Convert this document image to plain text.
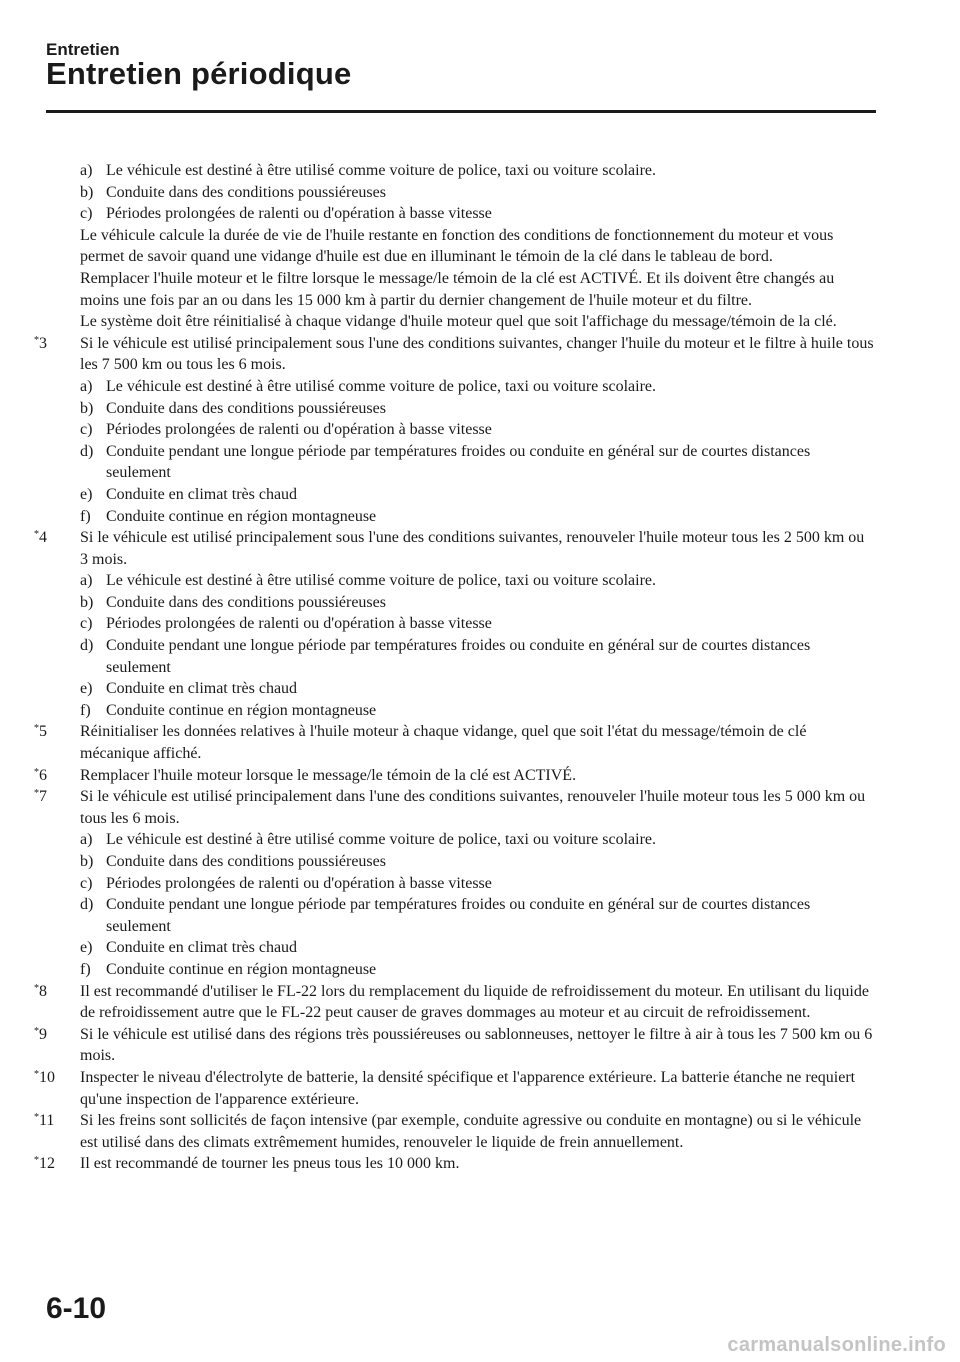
Entretien
Entretien périodique
a) Le véhicule est destiné à être utilisé comme voiture de police, taxi ou voiture scolaire.
b) Conduite dans des conditions poussiéreuses
c) Périodes prolongées de ralenti ou d'opération à basse vitesse
Le véhicule calcule la durée de vie de l'huile restante en fonction des conditions de fonctionnement du moteur et vous permet de savoir quand une vidange d'huile est due en illuminant le témoin de la clé dans le tableau de bord.
Remplacer l'huile moteur et le filtre lorsque le message/le témoin de la clé est ACTIVÉ. Et ils doivent être changés au moins une fois par an ou dans les 15 000 km à partir du dernier changement de l'huile moteur et du filtre.
Le système doit être réinitialisé à chaque vidange d'huile moteur quel que soit l'affichage du message/témoin de la clé.
*3 Si le véhicule est utilisé principalement sous l'une des conditions suivantes, changer l'huile du moteur et le filtre à huile tous les 7 500 km ou tous les 6 mois.
a) Le véhicule est destiné à être utilisé comme voiture de police, taxi ou voiture scolaire.
b) Conduite dans des conditions poussiéreuses
c) Périodes prolongées de ralenti ou d'opération à basse vitesse
d) Conduite pendant une longue période par températures froides ou conduite en général sur de courtes distances seulement
e) Conduite en climat très chaud
f) Conduite continue en région montagneuse
*4 Si le véhicule est utilisé principalement sous l'une des conditions suivantes, renouveler l'huile moteur tous les 2 500 km ou 3 mois.
a) Le véhicule est destiné à être utilisé comme voiture de police, taxi ou voiture scolaire.
b) Conduite dans des conditions poussiéreuses
c) Périodes prolongées de ralenti ou d'opération à basse vitesse
d) Conduite pendant une longue période par températures froides ou conduite en général sur de courtes distances seulement
e) Conduite en climat très chaud
f) Conduite continue en région montagneuse
*5 Réinitialiser les données relatives à l'huile moteur à chaque vidange, quel que soit l'état du message/témoin de clé mécanique affiché.
*6 Remplacer l'huile moteur lorsque le message/le témoin de la clé est ACTIVÉ.
*7 Si le véhicule est utilisé principalement dans l'une des conditions suivantes, renouveler l'huile moteur tous les 5 000 km ou tous les 6 mois.
a) Le véhicule est destiné à être utilisé comme voiture de police, taxi ou voiture scolaire.
b) Conduite dans des conditions poussiéreuses
c) Périodes prolongées de ralenti ou d'opération à basse vitesse
d) Conduite pendant une longue période par températures froides ou conduite en général sur de courtes distances seulement
e) Conduite en climat très chaud
f) Conduite continue en région montagneuse
*8 Il est recommandé d'utiliser le FL-22 lors du remplacement du liquide de refroidissement du moteur. En utilisant du liquide de refroidissement autre que le FL-22 peut causer de graves dommages au moteur et au circuit de refroidissement.
*9 Si le véhicule est utilisé dans des régions très poussiéreuses ou sablonneuses, nettoyer le filtre à air à tous les 7 500 km ou 6 mois.
*10 Inspecter le niveau d'électrolyte de batterie, la densité spécifique et l'apparence extérieure. La batterie étanche ne requiert qu'une inspection de l'apparence extérieure.
*11 Si les freins sont sollicités de façon intensive (par exemple, conduite agressive ou conduite en montagne) ou si le véhicule est utilisé dans des climats extrêmement humides, renouveler le liquide de frein annuellement.
*12 Il est recommandé de tourner les pneus tous les 10 000 km.
6-10
carmanualsonline.info
